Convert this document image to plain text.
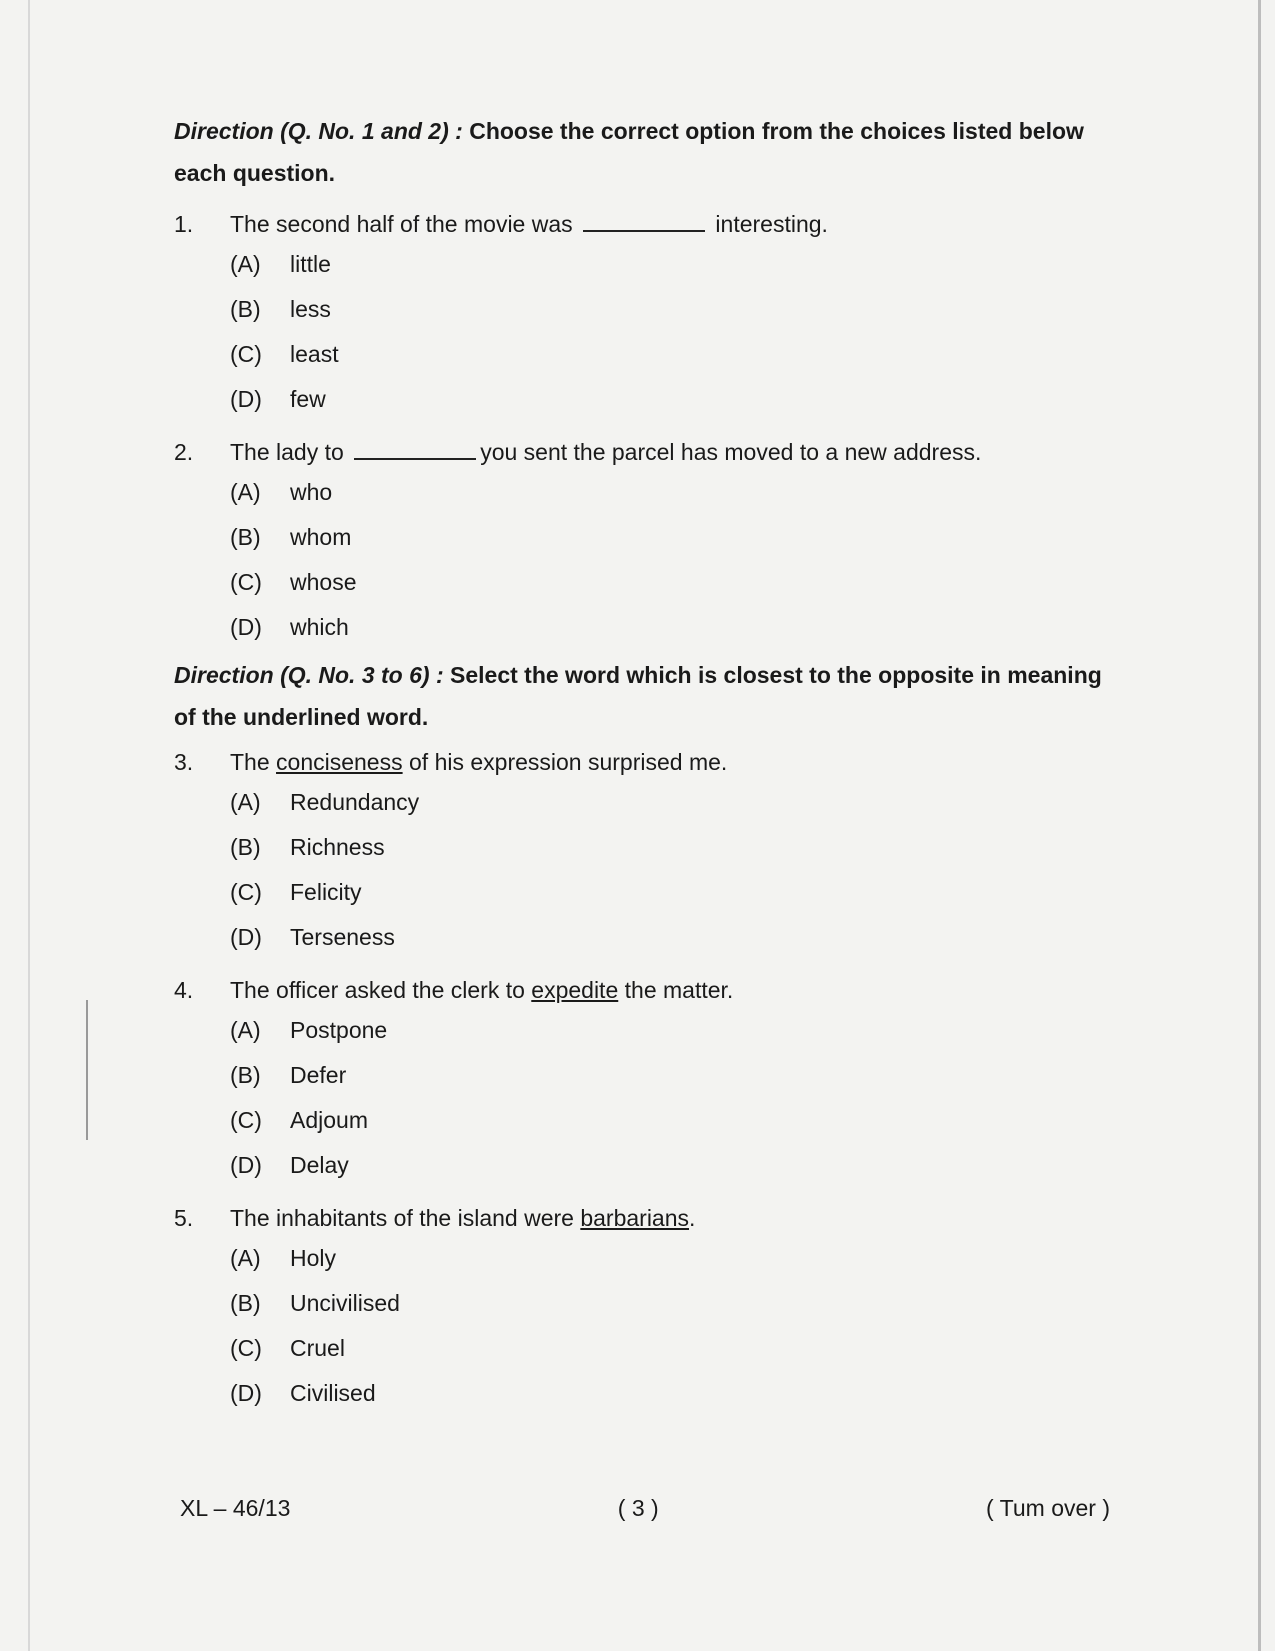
Direction (Q. No. 1 and 2) : Choose the correct option from the choices listed below each question.

1.	The second half of the movie was	interesting.
(A)	little
(B)	less
(C)	least
(D)	few
2.	The lady to	you sent the parcel has moved to a new address.
(A)	who
(B)	whom
(C)	whose
(D)	which

Direction (Q. No. 3 to 6) : Select the word which is closest to the opposite in meaning of the underlined word.

3.	The conciseness of his expression surprised me.
(A)	Redundancy
(B)	Richness
(C)	Felicity
(D)	Terseness
4.	The officer asked the clerk to expedite the matter.
(A)	Postpone
(B)	Defer
(C)	Adjoum
(D)	Delay
5.	The inhabitants of the island were barbarians.
(A)	Holy
(B)	Uncivilised
(C)	Cruel
(D)	Civilised
XL – 46/13	( 3 )	( Tum over )
